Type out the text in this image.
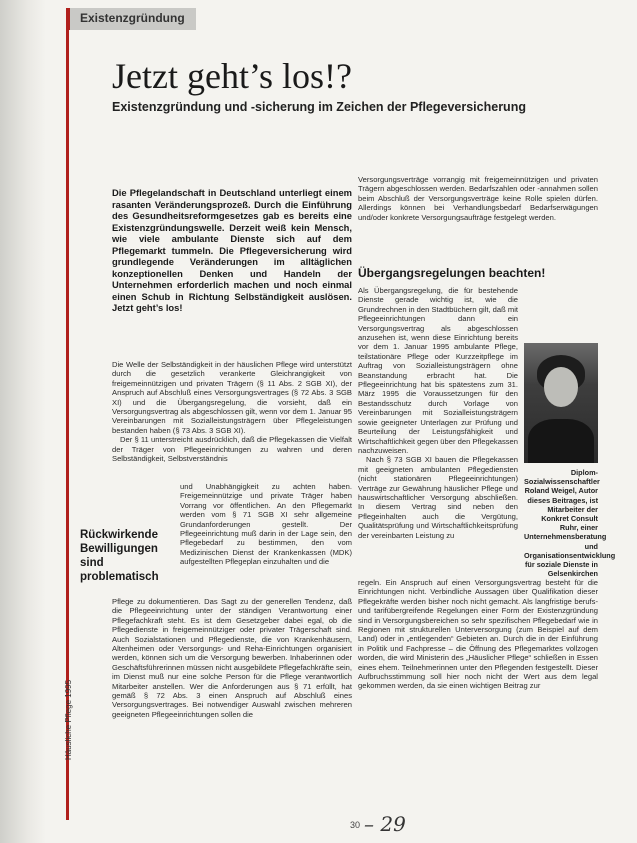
Existenzgründung
Jetzt geht’s los!?
Existenzgründung und -sicherung im Zeichen der Pflegeversicherung
Die Pflegelandschaft in Deutschland unterliegt einem rasanten Veränderungsprozeß. Durch die Einführung des Gesundheitsreformgesetzes gab es bereits eine Existenzgründungswelle. Derzeit weiß kein Mensch, wie viele ambulante Dienste sich auf dem Pflegemarkt tummeln. Die Pflegeversicherung wird grundlegende Veränderungen im alltäglichen konzeptionellen Denken und Handeln der Unternehmen erforderlich machen und noch einmal einen Schub in Richtung Selbständigkeit auslösen. Jetzt geht’s los!

Die Welle der Selbständigkeit in der häuslichen Pflege wird unterstützt durch die gesetzlich verankerte Gleichrangigkeit von freigemeinnützigen und privaten Trägern (§ 11 Abs. 2 SGB XI), der Anspruch auf Abschluß eines Versorgungsvertrages (§ 72 Abs. 3 SGB XI) und die Übergangsregelung, die vorsieht, daß ein Versorgungsvertrag als abgeschlossen gilt, wenn vor dem 1. Januar 95 Vereinbarungen mit Sozialleistungsträgern über Pflegeleistungen bestanden haben (§ 73 Abs. 3 SGB XI).

Der § 11 unterstreicht ausdrücklich, daß die Pflegekassen die Vielfalt der Träger von Pflegeeinrichtungen zu wahren und deren Selbständigkeit, Selbstverständnis

Rückwirkende Bewilligungen sind problematisch
und Unabhängigkeit zu achten haben. Freigemeinnützige und private Träger haben Vorrang vor öffentlichen. An den Pflegemarkt werden vom § 71 SGB XI sehr allgemeine Grundanforderungen gestellt. Der Pflegeeinrichtung muß darin in der Lage sein, den Pflegebedarf zu bestimmen, den vom Medizinischen Dienst der Krankenkassen (MDK) aufgestellten Pflegeplan einzuhalten und die
Pflege zu dokumentieren. Das Sagt zu der generellen Tendenz, daß die Pflegeeinrichtung unter der ständigen Verantwortung einer Pflegefachkraft steht. Es ist dem Gesetzgeber dabei egal, ob die Pflegedienste in freigemeinnütziger oder privater Trägerschaft sind. Auch Sozialstationen und Pflegedienste, die von Krankenhäusern, Altenheimen oder Versorgungs- und Reha-Einrichtungen organisiert werden, können sich um die Versorgung bewerben. Inhaberinnen oder Geschäftsführerinnen müssen nicht ausgebildete Pflegefachkräfte sein, im Dienst muß nur eine solche Person für die Pflege verantwortlich Mitarbeiter anstellen. Wer die Anforderungen aus § 71 erfüllt, hat gemäß § 72 Abs. 3 einen Anspruch auf Abschluß eines Versorgungsvertrages. Bei notwendiger Auswahl zwischen mehreren geeigneten Pflegeeinrichtungen sollen die
Versorgungsverträge vorrangig mit freigemeinnützigen und privaten Trägern abgeschlossen werden. Bedarfszahlen oder -annahmen sollen beim Abschluß der Versorgungsverträge keine Rolle spielen dürfen. Allerdings können bei Verhandlungsbedarf Bedarfserwägungen und/oder konkrete Versorgungsaufträge festgelegt werden.
Übergangsregelungen beachten!

Als Übergangsregelung, die für bestehende Dienste gerade wichtig ist, wie die Grundrechnen in den Stadtbüchern gilt, daß mit Pflegeeinrichtungen dann ein Versorgungsvertrag als abgeschlossen anzusehen ist, wenn diese Einrichtung bereits vor dem 1. Januar 1995 ambulante Pflege, teilstationäre Pflege oder Kurzzeitpflege im Auftrag von Sozialleistungsträgern ohne Beanstandung erbracht hat. Die Pflegeeinrichtung hat bis spätestens zum 31. März 1995 die Voraussetzungen für den Bestandsschutz durch Vorlage von Vereinbarungen mit Sozialleistungsträgern sowie geeigneter Unterlagen zur Prüfung und Beurteilung der Leistungsfähigkeit und Wirtschaftlichkeit gegen über den Pflegekassen nachzuweisen.

Nach § 73 SGB XI bauen die Pflegekassen mit geeigneten ambulanten Pflegediensten (nicht stationären Pflegeeinrichtungen) Verträge zur Gewährung häuslicher Pflege und hauswirtschaftlicher Versorgung abschließen. In diesem Vertrag sind neben den Pflegeinhalten auch die Vergütung, Qualitätsprüfung und Wirtschaftlichkeitsprüfung der vereinbarten Leistung zu

Diplom-Sozialwissenschaftler Roland Weigel, Autor dieses Beitrages, ist Mitarbeiter der Konkret Consult Ruhr, einer Unternehmensberatung und Organisationsentwicklung für soziale Dienste in Gelsenkirchen

regeln. Ein Anspruch auf einen Versorgungsvertrag besteht für die Einrichtungen nicht. Verbindliche Aussagen über Qualifikation dieser Pflegekräfte werden bisher noch nicht gemacht. Als langfristige berufs- und tarifübergreifende Regelungen einer Form der Existenzgründung sind in Versorgungsbereichen so sehr spezifischen Pflegebedarf wie in Regionen mit strukturellen Unterversorgung (zum Beispiel auf dem Land) oder in „entlegenden“ Gebieten an. Durch die in der Einführung in Politik und Fachpresse – die Öffnung des Pflegemarktes vollzogen worden, die wird Ministerin des „Häuslicher Pflege“ schließen in Essen eines ehem. Teilnehmerinnen unter den Pflegenden festgestellt. Dieser Aufbruchsstimmung soll hier noch nicht der Wert aus dem legal gekommen werden, da sie einen wichtigen Beitrag zur
Häusliche Pflege 1995
30 – 29
